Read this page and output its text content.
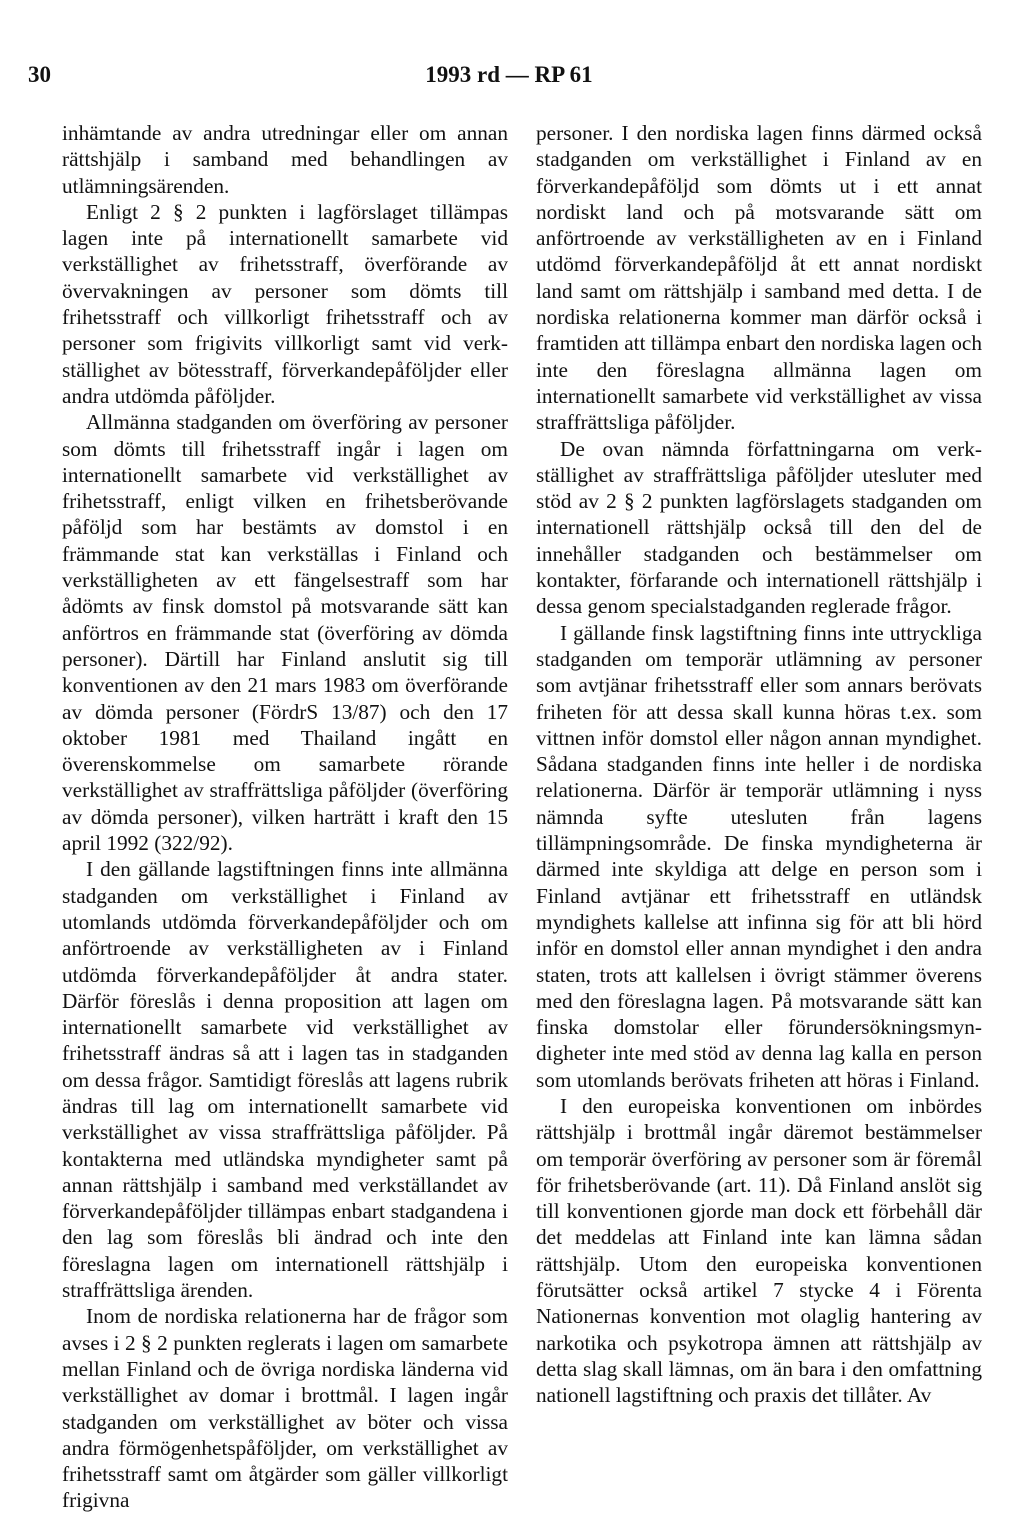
30	1993 rd — RP 61

inhämtande av andra utredningar eller om annan rättshjälp i samband med behandlingen av utlämningsärenden.

Enligt 2 § 2 punkten i lagförslaget tillämpas lagen inte på internationellt samarbete vid verkställighet av frihetsstraff, överförande av övervakningen av personer som dömts till frihetsstraff och villkorligt frihetsstraff och av personer som frigivits villkorligt samt vid verkställighet av bötesstraff, förverkandepåföljder eller andra utdömda påföljder.

Allmänna stadganden om överföring av personer som dömts till frihetsstraff ingår i lagen om internationellt samarbete vid verkställighet av frihetsstraff, enligt vilken en frihetsberövande påföljd som har bestämts av domstol i en främmande stat kan verkställas i Finland och verkställigheten av ett fängelsestraff som har ådömts av finsk domstol på motsvarande sätt kan anförtros en främmande stat (överföring av dömda personer). Därtill har Finland anslutit sig till konventionen av den 21 mars 1983 om överförande av dömda personer (FördrS 13/87) och den 17 oktober 1981 med Thailand ingått en överenskommelse om samarbete rörande verkställighet av straffrättsliga påföljder (överföring av dömda personer), vilken harträtt i kraft den 15 april 1992 (322/92).

I den gällande lagstiftningen finns inte allmänna stadganden om verkställighet i Finland av utomlands utdömda förverkandepåföljder och om anförtroende av verkställigheten av i Finland utdömda förverkandepåföljder åt andra stater. Därför föreslås i denna proposition att lagen om internationellt samarbete vid verkställighet av frihetsstraff ändras så att i lagen tas in stadganden om dessa frågor. Samtidigt föreslås att lagens rubrik ändras till lag om internationellt samarbete vid verkställighet av vissa straffrättsliga påföljder. På kontakterna med utländska myndigheter samt på annan rättshjälp i samband med verkställandet av förverkandepåföljder tillämpas enbart stadgandena i den lag som föreslås bli ändrad och inte den föreslagna lagen om internationell rättshjälp i straffrättsliga ärenden.

Inom de nordiska relationerna har de frågor som avses i 2 § 2 punkten reglerats i lagen om samarbete mellan Finland och de övriga nordiska länderna vid verkställighet av domar i brottmål. I lagen ingår stadganden om verkställighet av böter och vissa andra förmögenhetspåföljder, om verkställighet av frihetsstraff samt om åtgärder som gäller villkorligt frigivna

personer. I den nordiska lagen finns därmed också stadganden om verkställighet i Finland av en förverkandepåföljd som dömts ut i ett annat nordiskt land och på motsvarande sätt om anförtroende av verkställigheten av en i Finland utdömd förverkandepåföljd åt ett annat nordiskt land samt om rättshjälp i samband med detta. I de nordiska relationerna kommer man därför också i framtiden att tillämpa enbart den nordiska lagen och inte den föreslagna allmänna lagen om internationellt samarbete vid verkställighet av vissa straffrättsliga påföljder.

De ovan nämnda författningarna om verkställighet av straffrättsliga påföljder utesluter med stöd av 2 § 2 punkten lagförslagets stadganden om internationell rättshjälp också till den del de innehåller stadganden och bestämmelser om kontakter, förfarande och internationell rättshjälp i dessa genom specialstadganden reglerade frågor.

I gällande finsk lagstiftning finns inte uttryckliga stadganden om temporär utlämning av personer som avtjänar frihetsstraff eller som annars berövats friheten för att dessa skall kunna höras t.ex. som vittnen inför domstol eller någon annan myndighet. Sådana stadganden finns inte heller i de nordiska relationerna. Därför är temporär utlämning i nyss nämnda syfte utesluten från lagens tillämpningsområde. De finska myndigheterna är därmed inte skyldiga att delge en person som i Finland avtjänar ett frihetsstraff en utländsk myndighets kallelse att infinna sig för att bli hörd inför en domstol eller annan myndighet i den andra staten, trots att kallelsen i övrigt stämmer överens med den föreslagna lagen. På motsvarande sätt kan finska domstolar eller förundersökningsmyndigheter inte med stöd av denna lag kalla en person som utomlands berövats friheten att höras i Finland.

I den europeiska konventionen om inbördes rättshjälp i brottmål ingår däremot bestämmelser om temporär överföring av personer som är föremål för frihetsberövande (art. 11). Då Finland anslöt sig till konventionen gjorde man dock ett förbehåll där det meddelas att Finland inte kan lämna sådan rättshjälp. Utom den europeiska konventionen förutsätter också artikel 7 stycke 4 i Förenta Nationernas konvention mot olaglig hantering av narkotika och psykotropa ämnen att rättshjälp av detta slag skall lämnas, om än bara i den omfattning nationell lagstiftning och praxis det tillåter. Av
